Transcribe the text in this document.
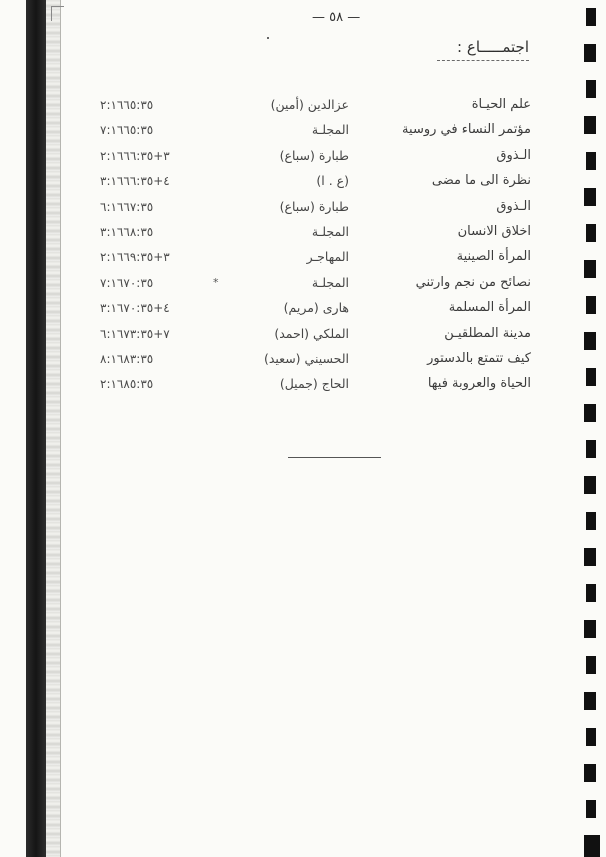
— ٥٨ —
اجتمـــــاع :
علم الحيـاة
عزالدين (أمين)
٢:١٦٦٥:٣٥
مؤتمر النساء في روسية
المجلـة
٧:١٦٦٥:٣٥
الـذوق
طبارة (سباع)
٣+٢:١٦٦٦:٣٥
نظرة الى ما مضى
(ع . ا)
٤+٣:١٦٦٦:٣٥
الـذوق
طبارة (سباع)
٦:١٦٦٧:٣٥
اخلاق الانسان
المجلـة
٣:١٦٦٨:٣٥
المرأة الصينية
المهاجـر
٣+٢:١٦٦٩:٣٥
نصائح من نجم وارتني
المجلـة
٧:١٦٧٠:٣٥	*
المرأة المسلمة
هارى (مريم)
٤+٣:١٦٧٠:٣٥
مدينة المطلقيـن
الملكي (احمد)
٧+٦:١٦٧٣:٣٥
كيف تتمتع بالدستور
الحسيني (سعيد)
٨:١٦٨٣:٣٥
الحياة والعروبة فيها
الحاج (جميل)
٢:١٦٨٥:٣٥
